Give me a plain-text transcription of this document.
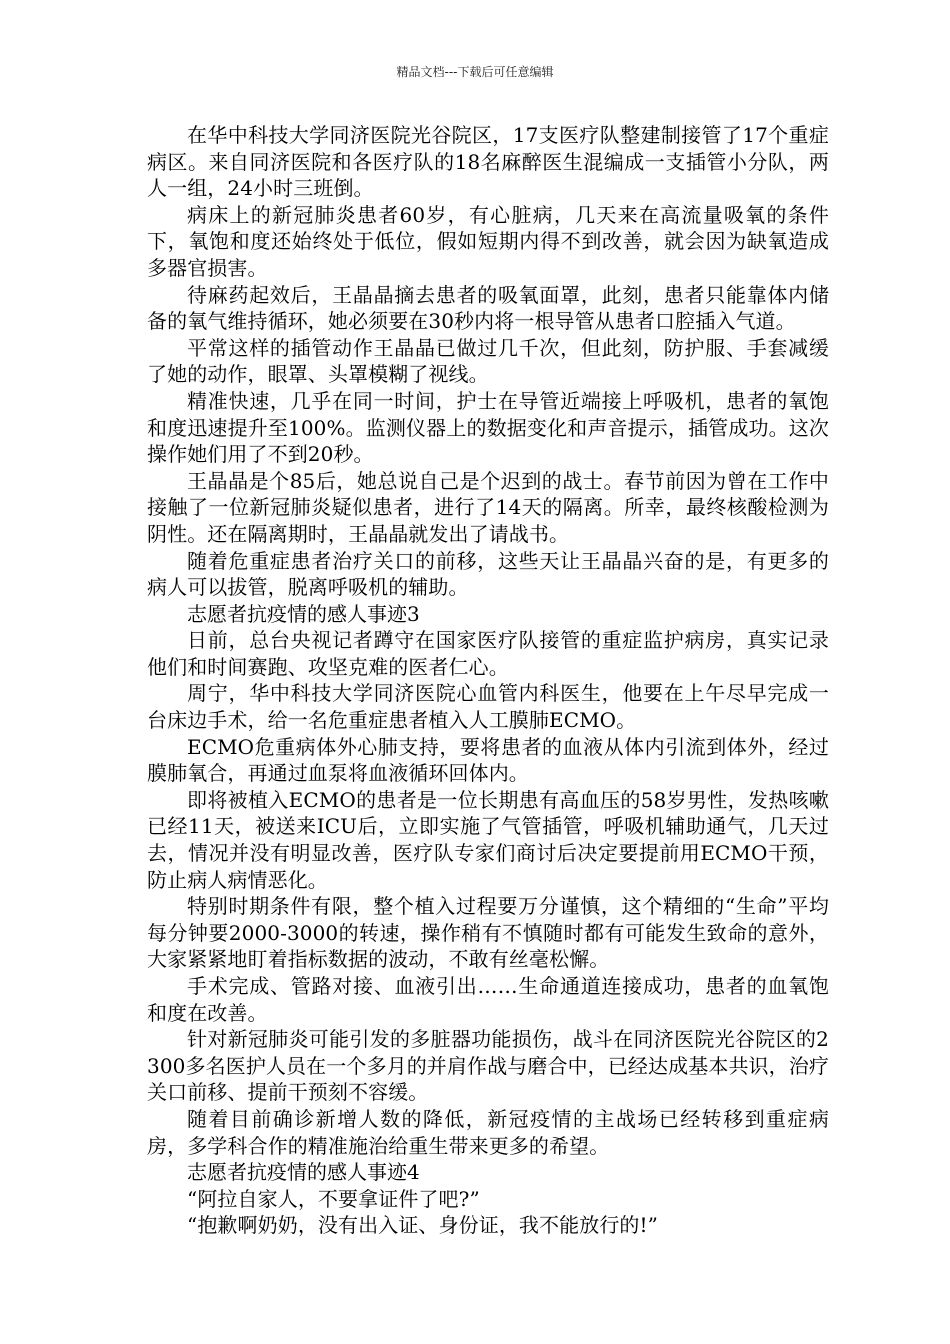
精品文档---下载后可任意编辑

在华中科技大学同济医院光谷院区，17支医疗队整建制接管了17个重症病区。来自同济医院和各医疗队的18名麻醉医生混编成一支插管小分队，两人一组，24小时三班倒。

病床上的新冠肺炎患者60岁，有心脏病，几天来在高流量吸氧的条件下，氧饱和度还始终处于低位，假如短期内得不到改善，就会因为缺氧造成多器官损害。

待麻药起效后，王晶晶摘去患者的吸氧面罩，此刻，患者只能靠体内储备的氧气维持循环，她必须要在30秒内将一根导管从患者口腔插入气道。

平常这样的插管动作王晶晶已做过几千次，但此刻，防护服、手套减缓了她的动作，眼罩、头罩模糊了视线。

精准快速，几乎在同一时间，护士在导管近端接上呼吸机，患者的氧饱和度迅速提升至100%。监测仪器上的数据变化和声音提示，插管成功。这次操作她们用了不到20秒。

王晶晶是个85后，她总说自己是个迟到的战士。春节前因为曾在工作中接触了一位新冠肺炎疑似患者，进行了14天的隔离。所幸，最终核酸检测为阴性。还在隔离期时，王晶晶就发出了请战书。

随着危重症患者治疗关口的前移，这些天让王晶晶兴奋的是，有更多的病人可以拔管，脱离呼吸机的辅助。

志愿者抗疫情的感人事迹3

日前，总台央视记者蹲守在国家医疗队接管的重症监护病房，真实记录他们和时间赛跑、攻坚克难的医者仁心。

周宁，华中科技大学同济医院心血管内科医生，他要在上午尽早完成一台床边手术，给一名危重症患者植入人工膜肺ECMO。

ECMO危重病体外心肺支持，要将患者的血液从体内引流到体外，经过膜肺氧合，再通过血泵将血液循环回体内。

即将被植入ECMO的患者是一位长期患有高血压的58岁男性，发热咳嗽已经11天，被送来ICU后，立即实施了气管插管，呼吸机辅助通气，几天过去，情况并没有明显改善，医疗队专家们商讨后决定要提前用ECMO干预，防止病人病情恶化。

特别时期条件有限，整个植入过程要万分谨慎，这个精细的“生命”平均每分钟要2000-3000的转速，操作稍有不慎随时都有可能发生致命的意外，大家紧紧地盯着指标数据的波动，不敢有丝毫松懈。

手术完成、管路对接、血液引出……生命通道连接成功，患者的血氧饱和度在改善。

针对新冠肺炎可能引发的多脏器功能损伤，战斗在同济医院光谷院区的2300多名医护人员在一个多月的并肩作战与磨合中，已经达成基本共识，治疗关口前移、提前干预刻不容缓。

随着目前确诊新增人数的降低，新冠疫情的主战场已经转移到重症病房，多学科合作的精准施治给重生带来更多的希望。

志愿者抗疫情的感人事迹4

“阿拉自家人，不要拿证件了吧?”

“抱歉啊奶奶，没有出入证、身份证，我不能放行的!”
